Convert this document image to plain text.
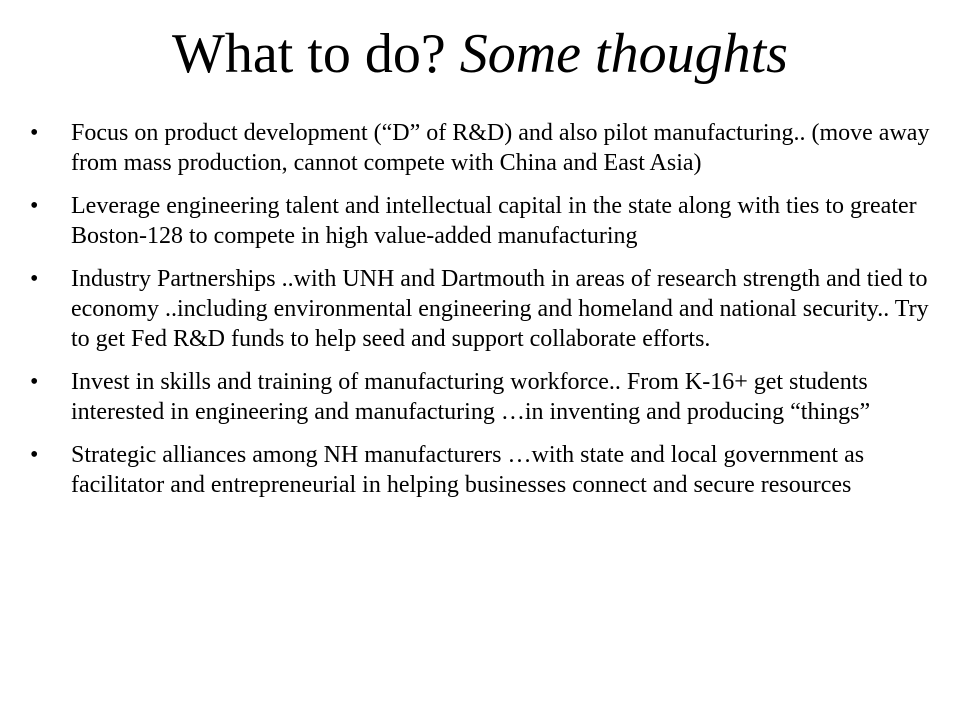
What to do? Some thoughts
•	Focus on product development (“D” of R&D) and also pilot manufacturing.. (move away from mass production, cannot compete with China and East Asia)
•	Leverage engineering talent and intellectual capital in the state along with ties to greater Boston-128 to compete in high value-added manufacturing
•	Industry Partnerships ..with UNH and Dartmouth in areas of research strength and tied to economy ..including environmental engineering and homeland and national security.. Try to get Fed R&D funds to help seed and support collaborate efforts.
•	Invest in skills and training of manufacturing workforce.. From K-16+ get students interested in engineering and manufacturing …in inventing and producing “things”
•	Strategic alliances among NH manufacturers …with state and local government as facilitator and entrepreneurial in helping businesses connect and secure resources
